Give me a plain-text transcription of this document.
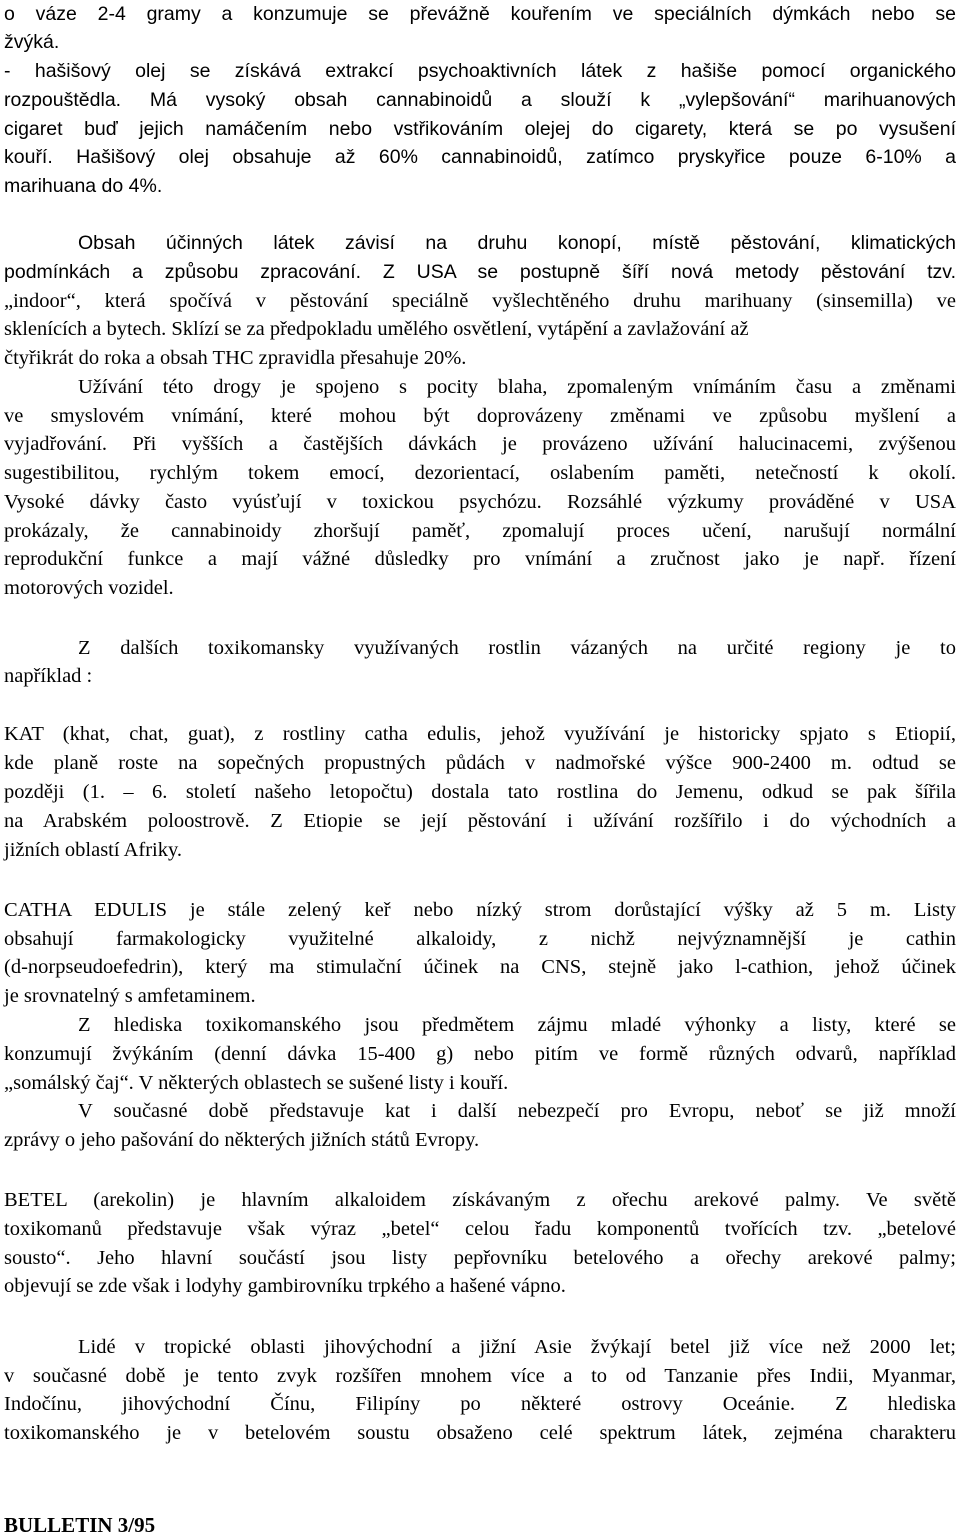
o váze 2-4 gramy a konzumuje se převážně kouřením ve speciálních dýmkách nebo se
žvýká.
- hašišový olej se získává extrakcí psychoaktivních látek z hašiše pomocí organického
rozpouštědla. Má vysoký obsah cannabinoidů a slouží k „vylepšování“ marihuanových
cigaret buď jejich namáčením nebo vstřikováním olejej do cigarety, která se po vysušení
kouří. Hašišový olej obsahuje až 60% cannabinoidů, zatímco pryskyřice pouze 6-10% a
marihuana do 4%.
Obsah účinných látek závisí na druhu konopí, místě pěstování, klimatických
podmínkách a způsobu zpracování. Z USA se postupně šíří nová metody pěstování tzv.
„indoor“, která spočívá v pěstování speciálně vyšlechtěného druhu marihuany (sinsemilla) ve
sklenících a bytech. Sklízí se za předpokladu umělého osvětlení, vytápění a zavlažování až
čtyřikrát do roka a obsah THC zpravidla přesahuje 20%.
Užívání této drogy je spojeno s pocity blaha, zpomaleným vnímáním času a změnami
ve smyslovém vnímání, které mohou být doprovázeny změnami ve způsobu myšlení a
vyjadřování. Při vyšších a častějších dávkách je provázeno užívání halucinacemi, zvýšenou
sugestibilitou, rychlým tokem emocí, dezorientací, oslabením paměti, netečností k okolí.
Vysoké dávky často vyúsťují v toxickou psychózu. Rozsáhlé výzkumy prováděné v USA
prokázaly, že cannabinoidy zhoršují paměť, zpomalují proces učení, narušují normální
reprodukční funkce a mají vážné důsledky pro vnímání a zručnost jako je např. řízení
motorových vozidel.
Z dalších toxikomansky využívaných rostlin vázaných na určité regiony je to
například :
KAT (khat, chat, guat), z rostliny catha edulis, jehož využívání je historicky spjato s Etiopií,
kde planě roste na sopečných propustných půdách v nadmořské výšce 900-2400 m. odtud se
později (1. – 6. století našeho letopočtu) dostala tato rostlina do Jemenu, odkud se pak šířila
na Arabském poloostrově. Z Etiopie se její pěstování i užívání rozšířilo i do východních a
jižních oblastí Afriky.
CATHA EDULIS je stále zelený keř nebo nízký strom dorůstající výšky až 5 m. Listy
obsahují farmakologicky využitelné alkaloidy, z nichž nejvýznamnější je cathin
(d-norpseudoefedrin), který ma stimulační účinek na CNS, stejně jako l-cathion, jehož účinek
je srovnatelný s amfetaminem.
Z hlediska toxikomanského jsou předmětem zájmu mladé výhonky a listy, které se
konzumují žvýkáním (denní dávka 15-400 g) nebo pitím ve formě různých odvarů, například
„somálský čaj“. V některých oblastech se sušené listy i kouří.
V současné době představuje kat i další nebezpečí pro Evropu, neboť se již množí
zprávy o jeho pašování do některých jižních států Evropy.
BETEL (arekolin) je hlavním alkaloidem získávaným z ořechu arekové palmy. Ve světě
toxikomanů představuje však výraz „betel“ celou řadu komponentů tvořících tzv. „betelové
sousto“. Jeho hlavní součástí jsou listy pepřovníku betelového a ořechy arekové palmy;
objevují se zde však i lodyhy gambirovníku trpkého a hašené vápno.
Lidé v tropické oblasti jihovýchodní a jižní Asie žvýkají betel již více než 2000 let;
v současné době je tento zvyk rozšířen mnohem více a to od Tanzanie přes Indii, Myanmar,
Indočínu, jihovýchodní Čínu, Filipíny po některé ostrovy Oceánie. Z hlediska
toxikomanského je v betelovém soustu obsaženo celé spektrum látek, zejména charakteru
BULLETIN 3/95
